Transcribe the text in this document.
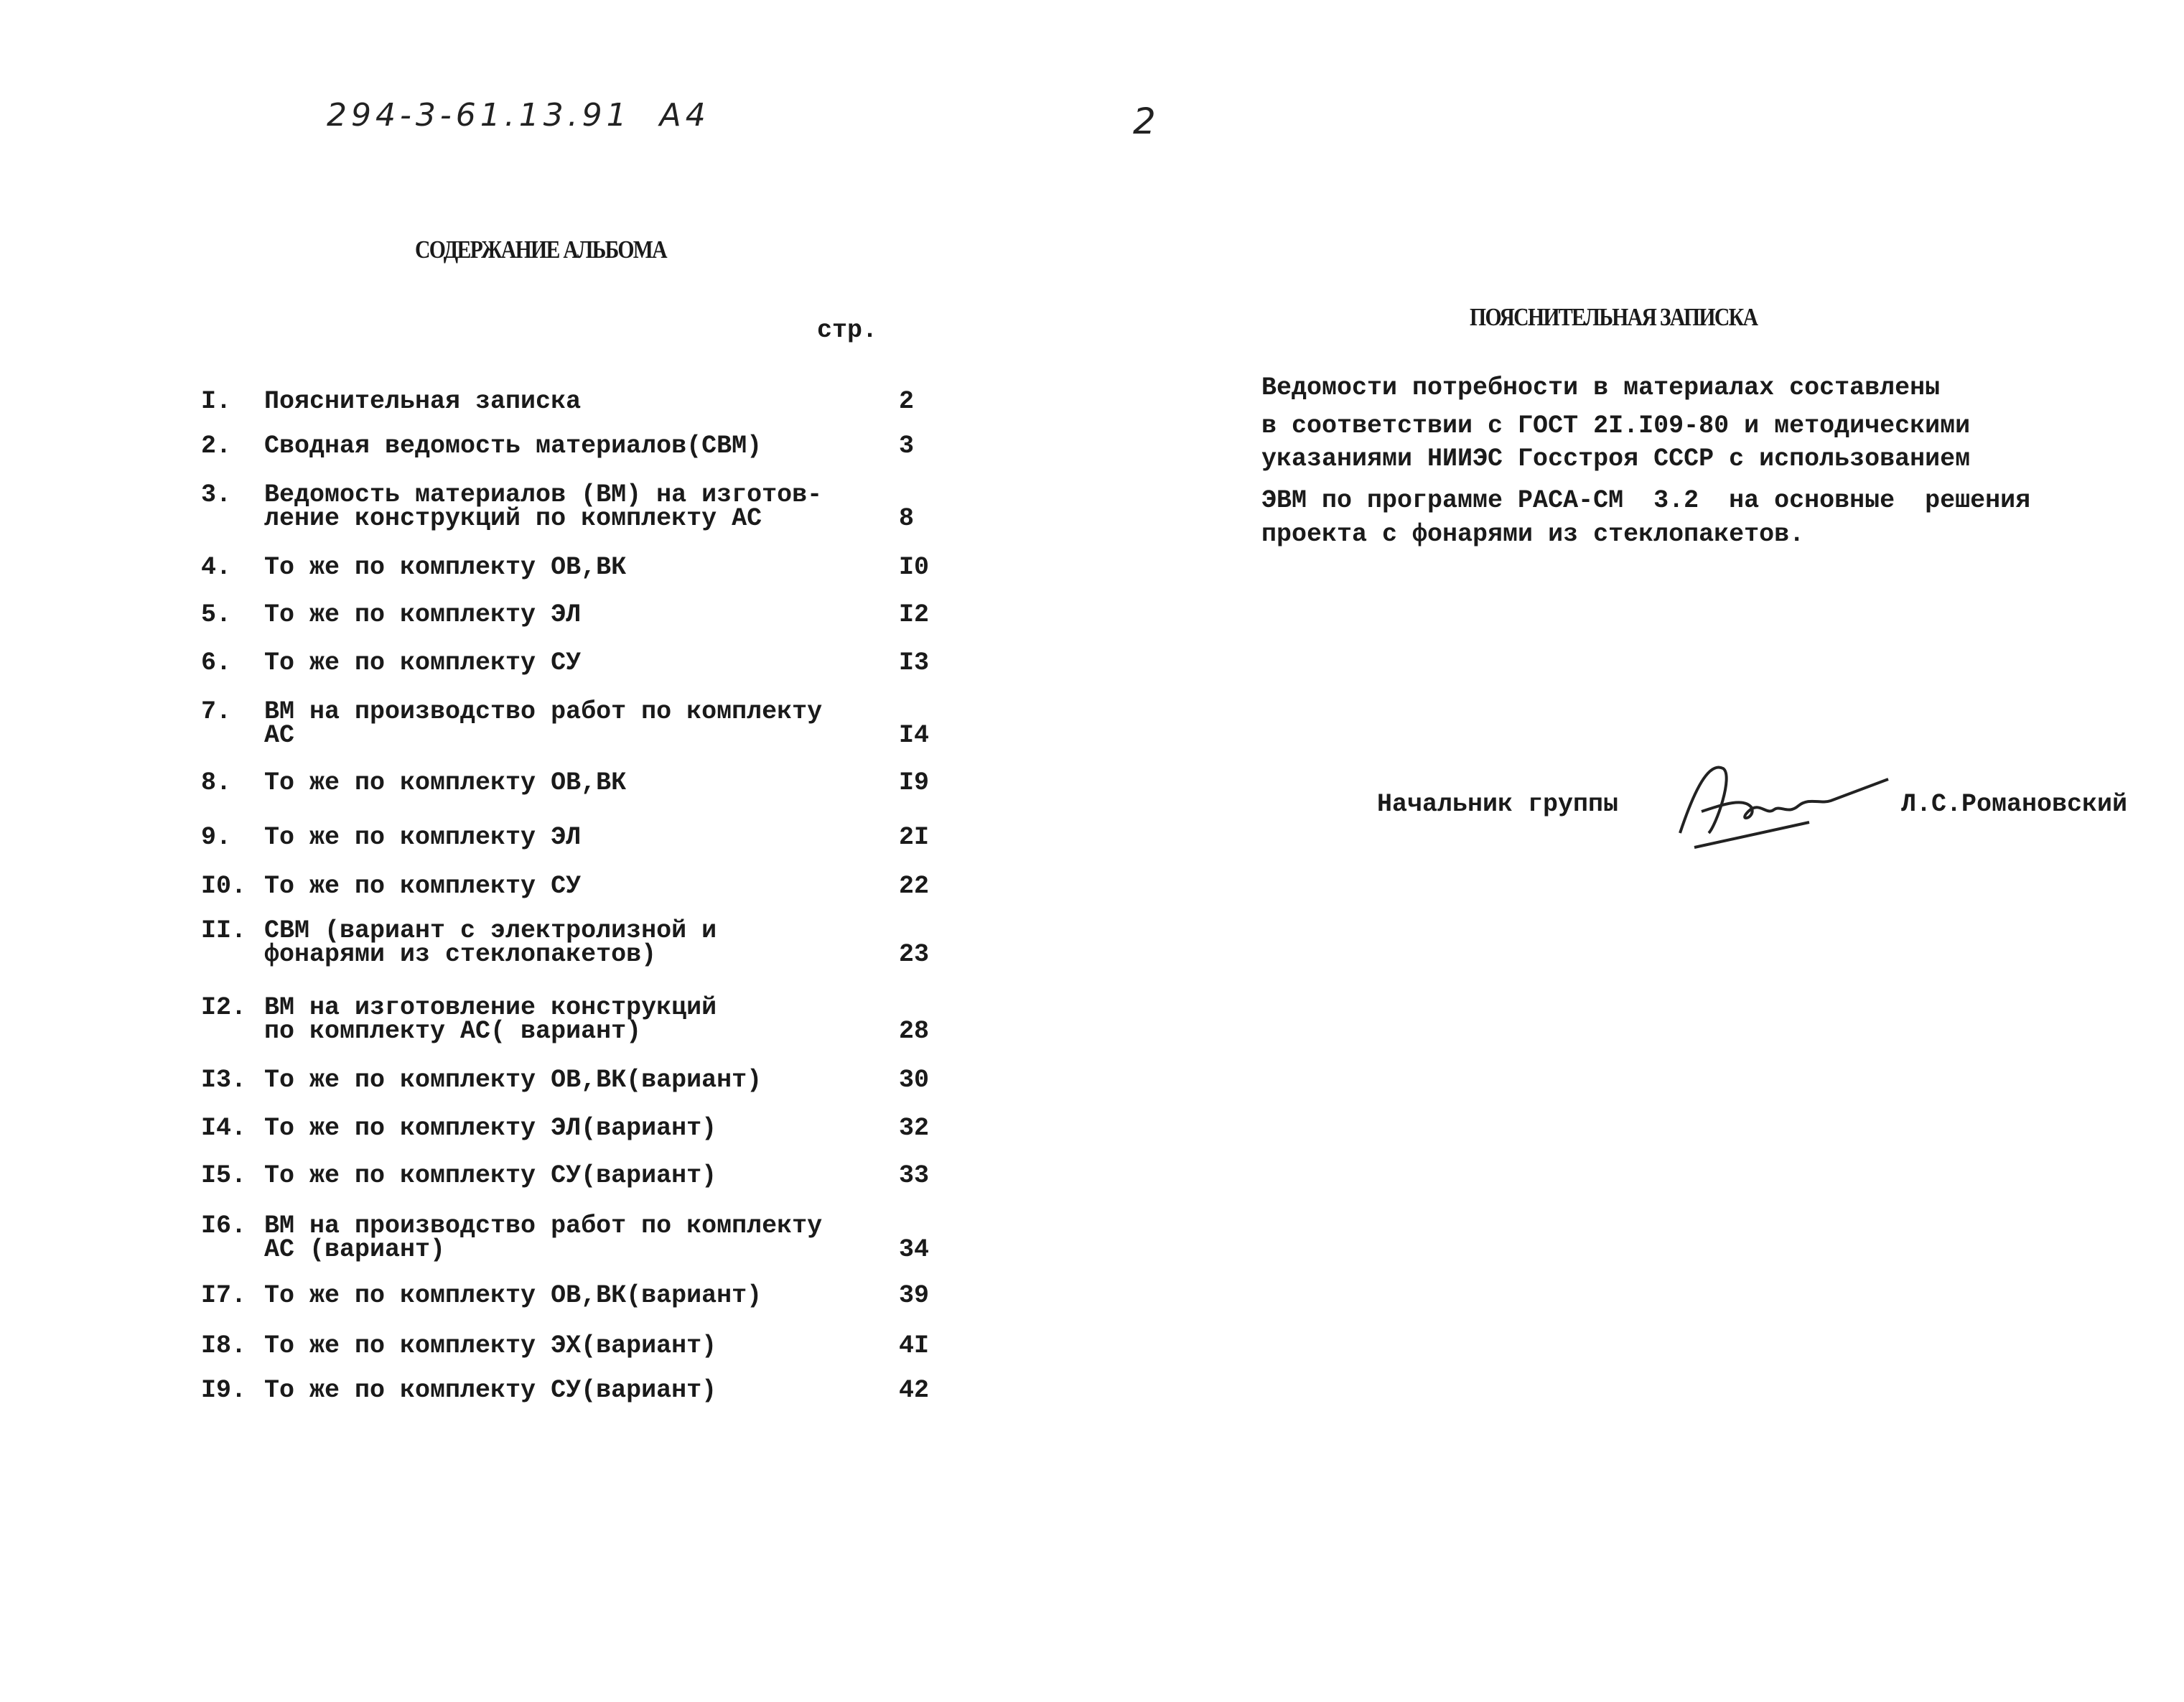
294-3-61.13.91  А4	2
СОДЕРЖАНИЕ АЛЬБОМА
стр.
I. Пояснительная записка	2
2. Сводная ведомость материалов(СВМ)	3
3. Ведомость материалов (ВМ) на изготов-
ление конструкций по комплекту АС	8
4. То же по комплекту ОВ,ВК	I0
5. То же по комплекту ЭЛ	I2
6. То же по комплекту СУ	I3
7. ВМ на производство работ по комплекту
АС	I4
8. То же по комплекту ОВ,ВК	I9
9. То же по комплекту ЭЛ	2I
I0. То же по комплекту СУ	22
II. СВМ (вариант с электролизной и
фонарями из стеклопакетов)	23
I2. ВМ на изготовление конструкций
по комплекту АС( вариант)	28
I3. То же по комплекту ОВ,ВК(вариант)	30
I4. То же по комплекту ЭЛ(вариант)	32
I5. То же по комплекту СУ(вариант)	33
I6. ВМ на производство работ по комплекту
АС (вариант)	34
I7. То же по комплекту ОВ,ВК(вариант)	39
I8. То же по комплекту ЭХ(вариант)	4I
I9. То же по комплекту СУ(вариант)	42
ПОЯСНИТЕЛЬНАЯ ЗАПИСКА
Ведомости потребности в материалах составлены
в соответствии с ГОСТ 2I.I09-80 и методическими
указаниями НИИЭС Госстроя СССР с использованием
ЭВМ по программе РАСА-СМ  3.2  на основные  решения
проекта с фонарями из стеклопакетов.
Начальник группы	Л.С.Романовский
